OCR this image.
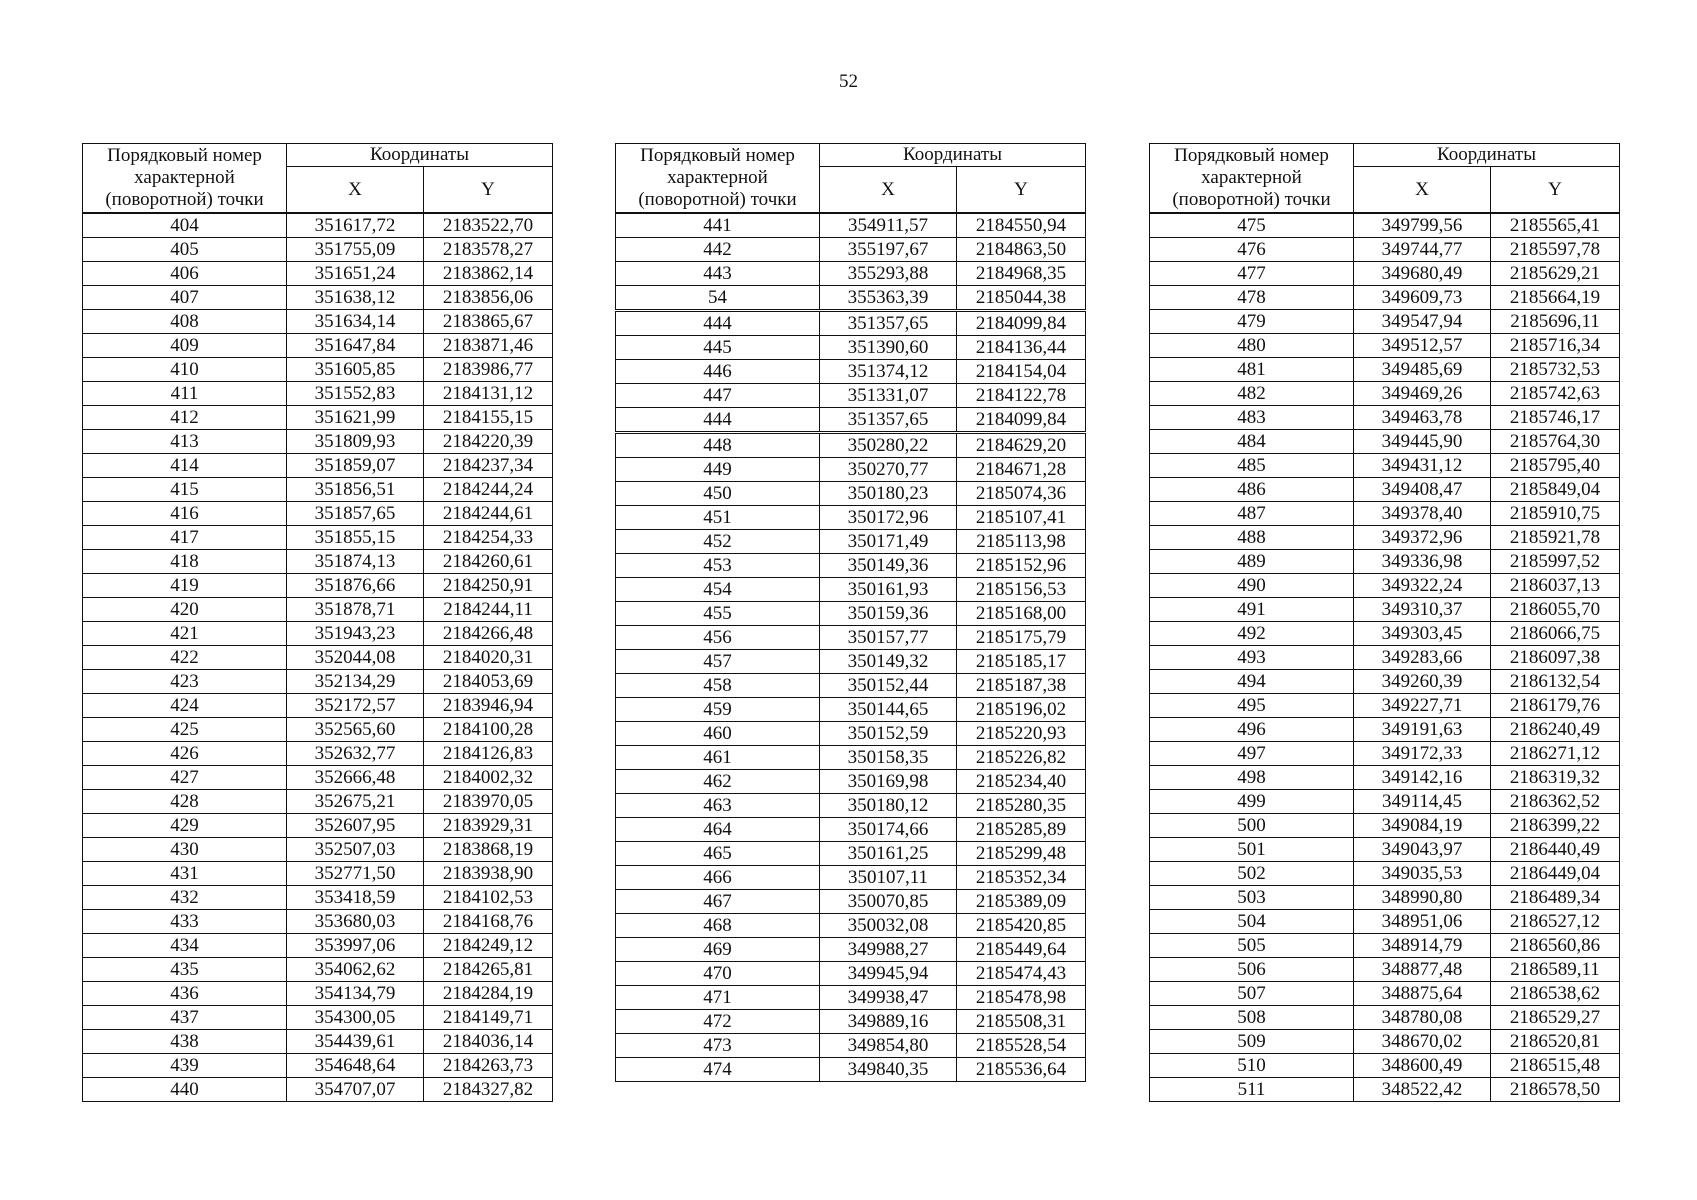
52
Порядковый номер
характерной
(поворотной) точки	Координаты	
	X	Y
404	351617,72	2183522,70
405	351755,09	2183578,27
406	351651,24	2183862,14
407	351638,12	2183856,06
408	351634,14	2183865,67
409	351647,84	2183871,46
410	351605,85	2183986,77
411	351552,83	2184131,12
412	351621,99	2184155,15
413	351809,93	2184220,39
414	351859,07	2184237,34
415	351856,51	2184244,24
416	351857,65	2184244,61
417	351855,15	2184254,33
418	351874,13	2184260,61
419	351876,66	2184250,91
420	351878,71	2184244,11
421	351943,23	2184266,48
422	352044,08	2184020,31
423	352134,29	2184053,69
424	352172,57	2183946,94
425	352565,60	2184100,28
426	352632,77	2184126,83
427	352666,48	2184002,32
428	352675,21	2183970,05
429	352607,95	2183929,31
430	352507,03	2183868,19
431	352771,50	2183938,90
432	353418,59	2184102,53
433	353680,03	2184168,76
434	353997,06	2184249,12
435	354062,62	2184265,81
436	354134,79	2184284,19
437	354300,05	2184149,71
438	354439,61	2184036,14
439	354648,64	2184263,73
440	354707,07	2184327,82
Порядковый номер
характерной
(поворотной) точки	Координаты	
	X	Y
441	354911,57	2184550,94
442	355197,67	2184863,50
443	355293,88	2184968,35
54	355363,39	2185044,38
444	351357,65	2184099,84
445	351390,60	2184136,44
446	351374,12	2184154,04
447	351331,07	2184122,78
444	351357,65	2184099,84
448	350280,22	2184629,20
449	350270,77	2184671,28
450	350180,23	2185074,36
451	350172,96	2185107,41
452	350171,49	2185113,98
453	350149,36	2185152,96
454	350161,93	2185156,53
455	350159,36	2185168,00
456	350157,77	2185175,79
457	350149,32	2185185,17
458	350152,44	2185187,38
459	350144,65	2185196,02
460	350152,59	2185220,93
461	350158,35	2185226,82
462	350169,98	2185234,40
463	350180,12	2185280,35
464	350174,66	2185285,89
465	350161,25	2185299,48
466	350107,11	2185352,34
467	350070,85	2185389,09
468	350032,08	2185420,85
469	349988,27	2185449,64
470	349945,94	2185474,43
471	349938,47	2185478,98
472	349889,16	2185508,31
473	349854,80	2185528,54
474	349840,35	2185536,64
Порядковый номер
характерной
(поворотной) точки	Координаты	
	X	Y
475	349799,56	2185565,41
476	349744,77	2185597,78
477	349680,49	2185629,21
478	349609,73	2185664,19
479	349547,94	2185696,11
480	349512,57	2185716,34
481	349485,69	2185732,53
482	349469,26	2185742,63
483	349463,78	2185746,17
484	349445,90	2185764,30
485	349431,12	2185795,40
486	349408,47	2185849,04
487	349378,40	2185910,75
488	349372,96	2185921,78
489	349336,98	2185997,52
490	349322,24	2186037,13
491	349310,37	2186055,70
492	349303,45	2186066,75
493	349283,66	2186097,38
494	349260,39	2186132,54
495	349227,71	2186179,76
496	349191,63	2186240,49
497	349172,33	2186271,12
498	349142,16	2186319,32
499	349114,45	2186362,52
500	349084,19	2186399,22
501	349043,97	2186440,49
502	349035,53	2186449,04
503	348990,80	2186489,34
504	348951,06	2186527,12
505	348914,79	2186560,86
506	348877,48	2186589,11
507	348875,64	2186538,62
508	348780,08	2186529,27
509	348670,02	2186520,81
510	348600,49	2186515,48
511	348522,42	2186578,50
